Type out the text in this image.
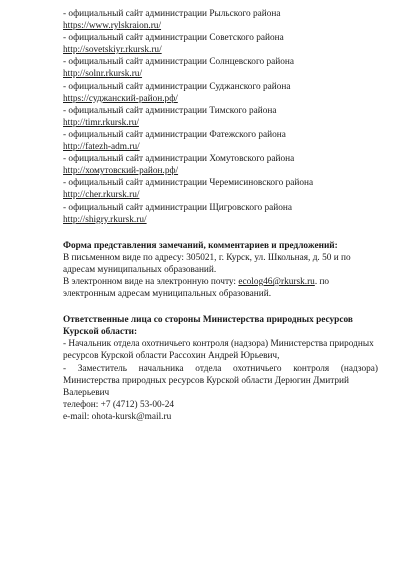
- официальный сайт администрации Рыльского района
https://www.rylskraion.ru/
- официальный сайт администрации Советского района
http://sovetskiyr.rkursk.ru/
- официальный сайт администрации Солнцевского района
http://solnr.rkursk.ru/
- официальный сайт администрации Суджанского района
https://суджанский-район.рф/
- официальный сайт администрации Тимского района
http://timr.rkursk.ru/
- официальный сайт администрации Фатежского района
http://fatezh-adm.ru/
- официальный сайт администрации Хомутовского района
http://хомутовский-район.рф/
- официальный сайт администрации Черемисиновского района
http://cher.rkursk.ru/
- официальный сайт администрации Щигровского района
http://shigry.rkursk.ru/
Форма представления замечаний, комментариев и предложений:
В письменном виде по адресу: 305021, г. Курск, ул. Школьная, д. 50 и по адресам муниципальных образований.
В электронном виде на электронную почту: ecolog46@rkursk.ru. по электронным адресам муниципальных образований.
Ответственные лица со стороны Министерства природных ресурсов Курской области:
- Начальник отдела охотничьего контроля (надзора) Министерства природных ресурсов Курской области Рассохин Андрей Юрьевич,
- Заместитель начальника отдела охотничьего контроля (надзора)
Министерства природных ресурсов Курской области Дерюгин Дмитрий Валерьевич
телефон: +7 (4712) 53-00-24
e-mail: ohota-kursk@mail.ru
